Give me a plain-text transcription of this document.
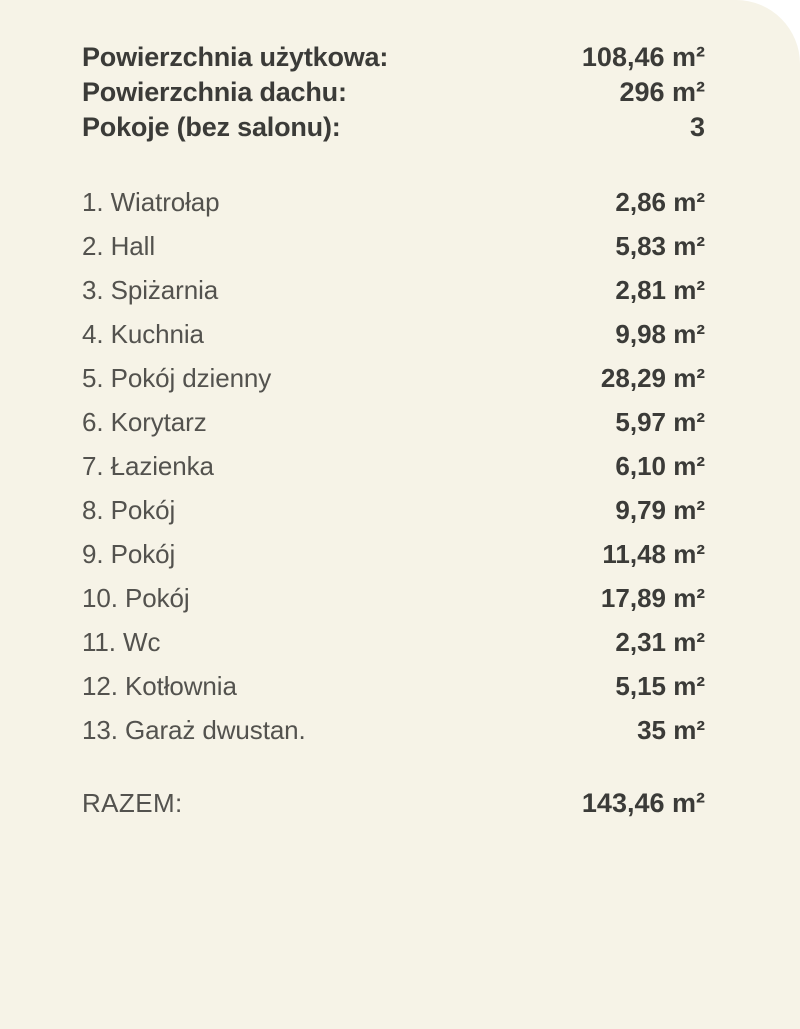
Powierzchnia użytkowa:	108,46 m²
Powierzchnia dachu:	296 m²
Pokoje (bez salonu):	3
1. Wiatrołap	2,86 m²
2. Hall	5,83 m²
3. Spiżarnia	2,81 m²
4. Kuchnia	9,98 m²
5. Pokój dzienny	28,29 m²
6. Korytarz	5,97 m²
7. Łazienka	6,10 m²
8. Pokój	9,79 m²
9. Pokój	11,48 m²
10. Pokój	17,89 m²
11. Wc	2,31 m²
12. Kotłownia	5,15 m²
13. Garaż dwustan.	35 m²
RAZEM:	143,46 m²
